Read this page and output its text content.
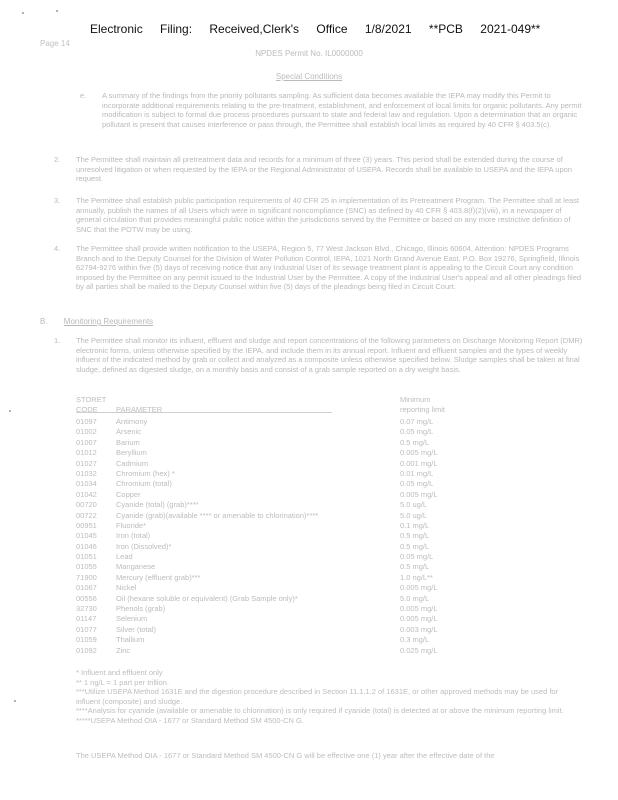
Electronic Filing: Received,Clerk's Office 1/8/2021 **PCB 2021-049**
Page 14
NPDES Permit No. IL0000000
Special Conditions
e. A summary of the findings from the priority pollutants sampling. As sufficient data becomes available the IEPA may modify this Permit to incorporate additional requirements relating to the pre-treatment, establishment, and enforcement of local limits for organic pollutants. Any permit modification is subject to formal due process procedures pursuant to state and federal law and regulation. Upon a determination that an organic pollutant is present that causes interference or pass through, the Permittee shall establish local limits as required by 40 CFR § 403.5(c).
2. The Permittee shall maintain all pretreatment data and records for a minimum of three (3) years. This period shall be extended during the course of unresolved litigation or when requested by the IEPA or the Regional Administrator of USEPA. Records shall be available to USEPA and the IEPA upon request.
3. The Permittee shall establish public participation requirements of 40 CFR 25 in implementation of its Pretreatment Program. The Permittee shall at least annually, publish the names of all Users which were in significant noncompliance (SNC) as defined by 40 CFR § 403.8(f)(2)(viii), in a newspaper of general circulation that provides meaningful public notice within the jurisdictions served by the Permittee or based on any more restrictive definition of SNC that the POTW may be using.
4. The Permittee shall provide written notification to the USEPA, Region 5, 77 West Jackson Blvd., Chicago, Illinois 60604, Attention: NPDES Programs Branch and to the Deputy Counsel for the Division of Water Pollution Control, IEPA, 1021 North Grand Avenue East, P.O. Box 19276, Springfield, Illinois 62794-9276 within five (5) days of receiving notice that any Industrial User of its sewage treatment plant is appealing to the Circuit Court any condition imposed by the Permittee on any permit issued to the Industrial User by the Permittee. A copy of the Industrial User's appeal and all other pleadings filed by all parties shall be mailed to the Deputy Counsel within five (5) days of the pleadings being filed in Circuit Court.
B. Monitoring Requirements
1. The Permittee shall monitor its influent, effluent and sludge and report concentrations of the following parameters on Discharge Monitoring Report (DMR) electronic forms, unless otherwise specified by the IEPA, and include them in its annual report. Influent and effluent samples and the types of weekly influent of the indicated method by grab or collect and analyzed as a composite unless otherwise specified below. Sludge samples shall be taken at final sludge, defined as digested sludge, on a monthly basis and consist of a grab sample reported on a dry weight basis.
STORET
CODE PARAMETER
Minimum
reporting limit
01097	Antimony	0.07 mg/L
01002	Arsenic	0.05 mg/L
01007	Barium	0.5 mg/L
01012	Beryllium	0.005 mg/L
01027	Cadmium	0.001 mg/L
01032	Chromium (hex) *	0.01 mg/L
01034	Chromium (total)	0.05 mg/L
01042	Copper	0.005 mg/L
00720	Cyanide (total) (grab)****	5.0 ug/L
00722	Cyanide (grab)(available **** or amenable to chlorination)****	5.0 ug/L
00951	Fluoride*	0.1 mg/L
01045	Iron (total)	0.5 mg/L
01046	Iron (Dissolved)*	0.5 mg/L
01051	Lead	0.05 mg/L
01055	Manganese	0.5 mg/L
71900	Mercury (effluent grab)***	1.0 ng/L**
01067	Nickel	0.005 mg/L
00556	Oil (hexane soluble or equivalent) (Grab Sample only)*	5.0 mg/L
32730	Phenols (grab)	0.005 mg/L
01147	Selenium	0.005 mg/L
01077	Silver (total)	0.003 mg/L
01059	Thallium	0.3 mg/L
01092	Zinc	0.025 mg/L
* Influent and effluent only
** 1 ng/L = 1 part per trillion.
***Utilize USEPA Method 1631E and the digestion procedure described in Section 11.1.1.2 of 1631E, or other approved methods may be used for influent (composite) and sludge.
****Analysis for cyanide (available or amenable to chlorination) is only required if cyanide (total) is detected at or above the minimum reporting limit.
*****USEPA Method OIA - 1677 or Standard Method SM 4500-CN G.
The USEPA Method OIA - 1677 or Standard Method SM 4500-CN G will be effective one (1) year after the effective date of the
